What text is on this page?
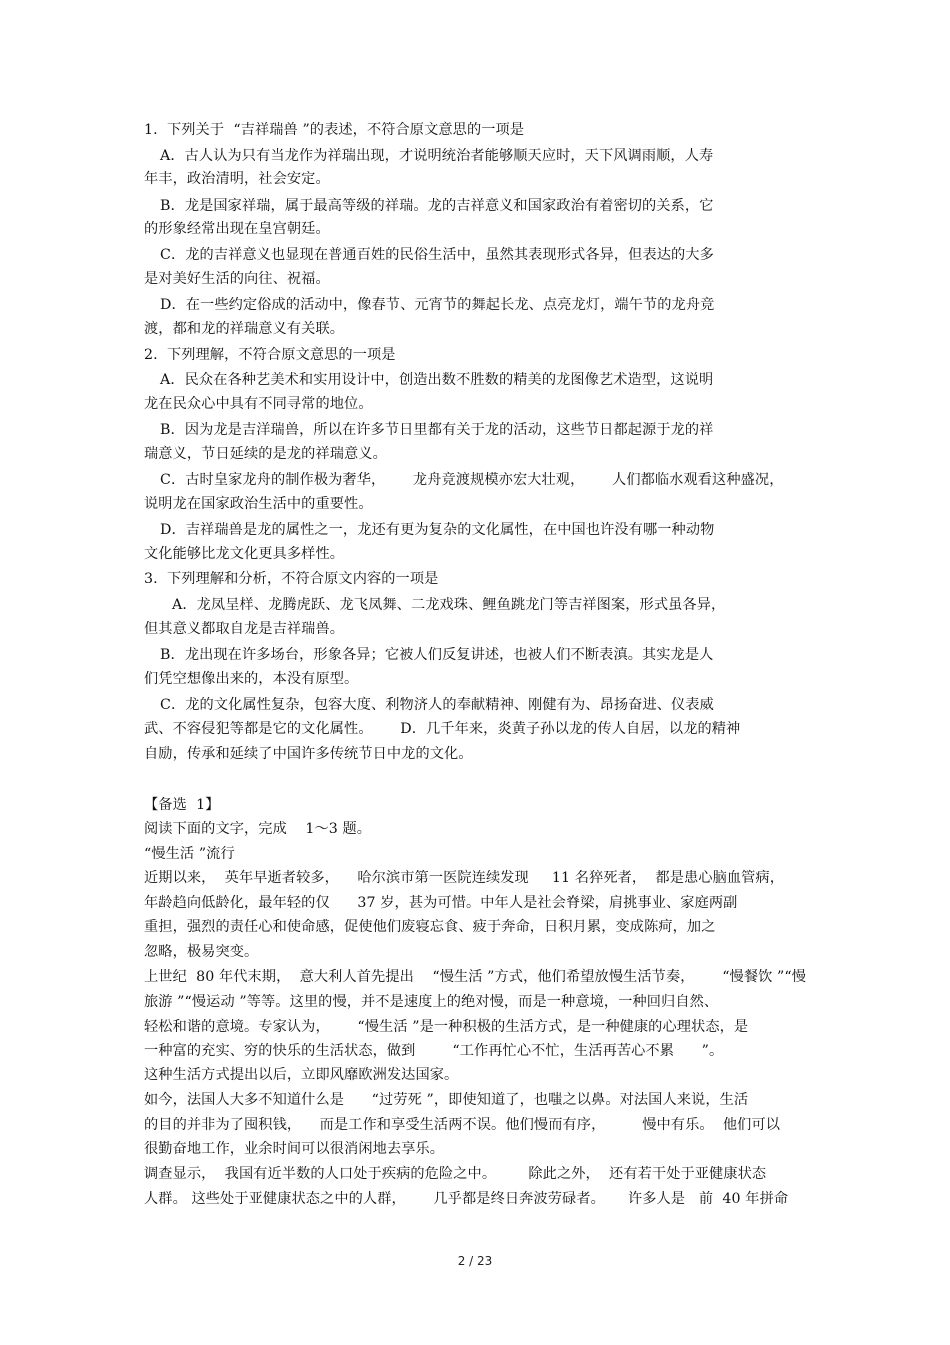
1.  下列关于  “吉祥瑞兽 ”的表述，不符合原文意思的一项是
A．古人认为只有当龙作为祥瑞出现，才说明统治者能够顺天应时，天下风调雨顺，人寿
年丰，政治清明，社会安定。
B．龙是国家祥瑞，属于最高等级的祥瑞。龙的吉祥意义和国家政治有着密切的关系，它
的形象经常出现在皇宫朝廷。
C．龙的吉祥意义也显现在普通百姓的民俗生活中，虽然其表现形式各异，但表达的大多
是对美好生活的向往、祝福。
D．在一些约定俗成的活动中，像春节、元宵节的舞起长龙、点亮龙灯，端午节的龙舟竞
渡，都和龙的祥瑞意义有关联。
2.  下列理解，不符合原文意思的一项是
A．民众在各种艺美术和实用设计中，创造出数不胜数的精美的龙图像艺术造型，这说明
龙在民众心中具有不同寻常的地位。
B．因为龙是吉洋瑞兽，所以在许多节日里都有关于龙的活动，这些节日都起源于龙的祥
瑞意义，节日延续的是龙的祥瑞意义。
C．古时皇家龙舟的制作极为奢华，      龙舟竞渡规模亦宏大壮观，      人们都临水观看这种盛况，
说明龙在国家政治生活中的重要性。
D．吉祥瑞兽是龙的属性之一，龙还有更为复杂的文化属性，在中国也许没有哪一种动物
文化能够比龙文化更具多样性。
3.  下列理解和分析，不符合原文内容的一项是
A．龙凤呈样、龙腾虎跃、龙飞凤舞、二龙戏珠、鲤鱼跳龙门等吉祥图案，形式虽各异，
但其意义都取自龙是吉祥瑞兽。
B．龙出现在许多场台，形象各异；它被人们反复讲述，也被人们不断表滇。其实龙是人
们凭空想像出来的，本没有原型。
C．龙的文化属性复杂，包容大度、利物济人的奉献精神、刚健有为、昂扬奋进、仪表威
武、不容侵犯等都是它的文化属性。      D．几千年来，炎黄子孙以龙的传人自居，以龙的精神
自励，传承和延续了中国许多传统节日中龙的文化。
【备选  1】
阅读下面的文字，完成    1～3 题。
“慢生活 ”流行
近期以来，  英年早逝者较多，    哈尔滨市第一医院连续发现     11 名猝死者，  都是患心脑血管病，
年龄趋向低龄化，最年轻的仅      37 岁，甚为可惜。中年人是社会脊梁，肩挑事业、家庭两副
重担，强烈的责任心和使命感，促使他们废寝忘食、疲于奔命，日积月累，变成陈疴，加之
忽略，极易突变。
上世纪  80 年代末期，  意大利人首先提出    “慢生活 ”方式，他们希望放慢生活节奏，      “慢餐饮 ”“慢
旅游 ”“慢运动 ”等等。这里的慢，并不是速度上的绝对慢，而是一种意境，一种回归自然、
轻松和谐的意境。专家认为，      “慢生活 ”是一种积极的生活方式，是一种健康的心理状态，是
一种富的充实、穷的快乐的生活状态，做到        “工作再忙心不忙，生活再苦心不累      ”。
这种生活方式提出以后，立即风靡欧洲发达国家。
如今，法国人大多不知道什么是      “过劳死 ”，即使知道了，也嗤之以鼻。对法国人来说，生活
的目的并非为了囤积钱，    而是工作和享受生活两不误。他们慢而有序，        慢中有乐。  他们可以
很勤奋地工作，业余时间可以很消闲地去享乐。
调查显示，  我国有近半数的人口处于疾病的危险之中。       除此之外，  还有若干处于亚健康状态
人群。 这些处于亚健康状态之中的人群，      几乎都是终日奔波劳碌者。     许多人是   前  40 年拼命
2 / 23
